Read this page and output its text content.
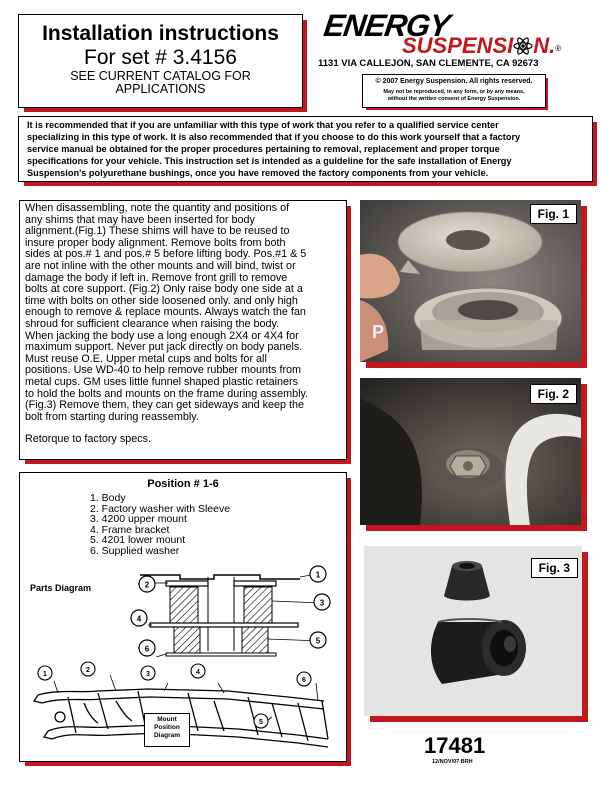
Installation instructions
For set # 3.4156
SEE CURRENT CATALOG FOR
APPLICATIONS
ENERGY
SUSPENSI N.®
1131 VIA CALLEJON, SAN CLEMENTE, CA 92673
© 2007 Energy Suspension. All rights reserved.
May not be reproduced, in any form, or by any means,
without the written consent of Energy Suspension.
It is recommended that if you are unfamiliar with this type of work that you refer to a qualified service center
specializing in this type of work. It is also recommended that if you choose to do this work yourself that a factory
service manual be obtained for the proper procedures pertaining to removal, replacement and proper torque
specifications for your vehicle. This instruction set is intended as a guideline for the safe installation of Energy
Suspension's polyurethane bushings, once you have removed the factory components from your vehicle.
When disassembling, note the quantity and positions of
any shims that may have been inserted for body
alignment.(Fig.1) These shims will have to be reused to
insure proper body alignment. Remove bolts from both
sides at pos.# 1 and pos.# 5 before lifting body. Pos.#1 & 5
are not inline with the other mounts and will bind, twist or
damage the body if left in. Remove front grill to remove
bolts at core support. (Fig.2) Only raise body one side at a
time with bolts on other side loosened only. and only high
enough to remove & replace mounts. Always watch the fan
shroud for sufficient clearance when raising the body.
When jacking the body use a long enough 2X4 or 4X4 for
maximum support. Never put jack directly on body panels.
Must reuse O.E. Upper metal cups and bolts for all
positions. Use WD-40 to help remove rubber mounts from
metal cups. GM uses little funnel shaped plastic retainers
to hold the bolts and mounts on the frame during assembly.
(Fig.3) Remove them, they can get sideways and keep the
bolt from starting during reassembly.
Retorque to factory specs.
Position # 1-6
1. Body
2. Factory washer with Sleeve
3. 4200 upper mount
4. Frame bracket
5. 4201 lower mount
6. Supplied washer
Parts Diagram
1
2
3
4
5
6
1
2
3	4
5
6
Mount
Position
Diagram
P
Fig. 1
Fig. 2
Fig. 3
17481
12/NOV/07 BRH
